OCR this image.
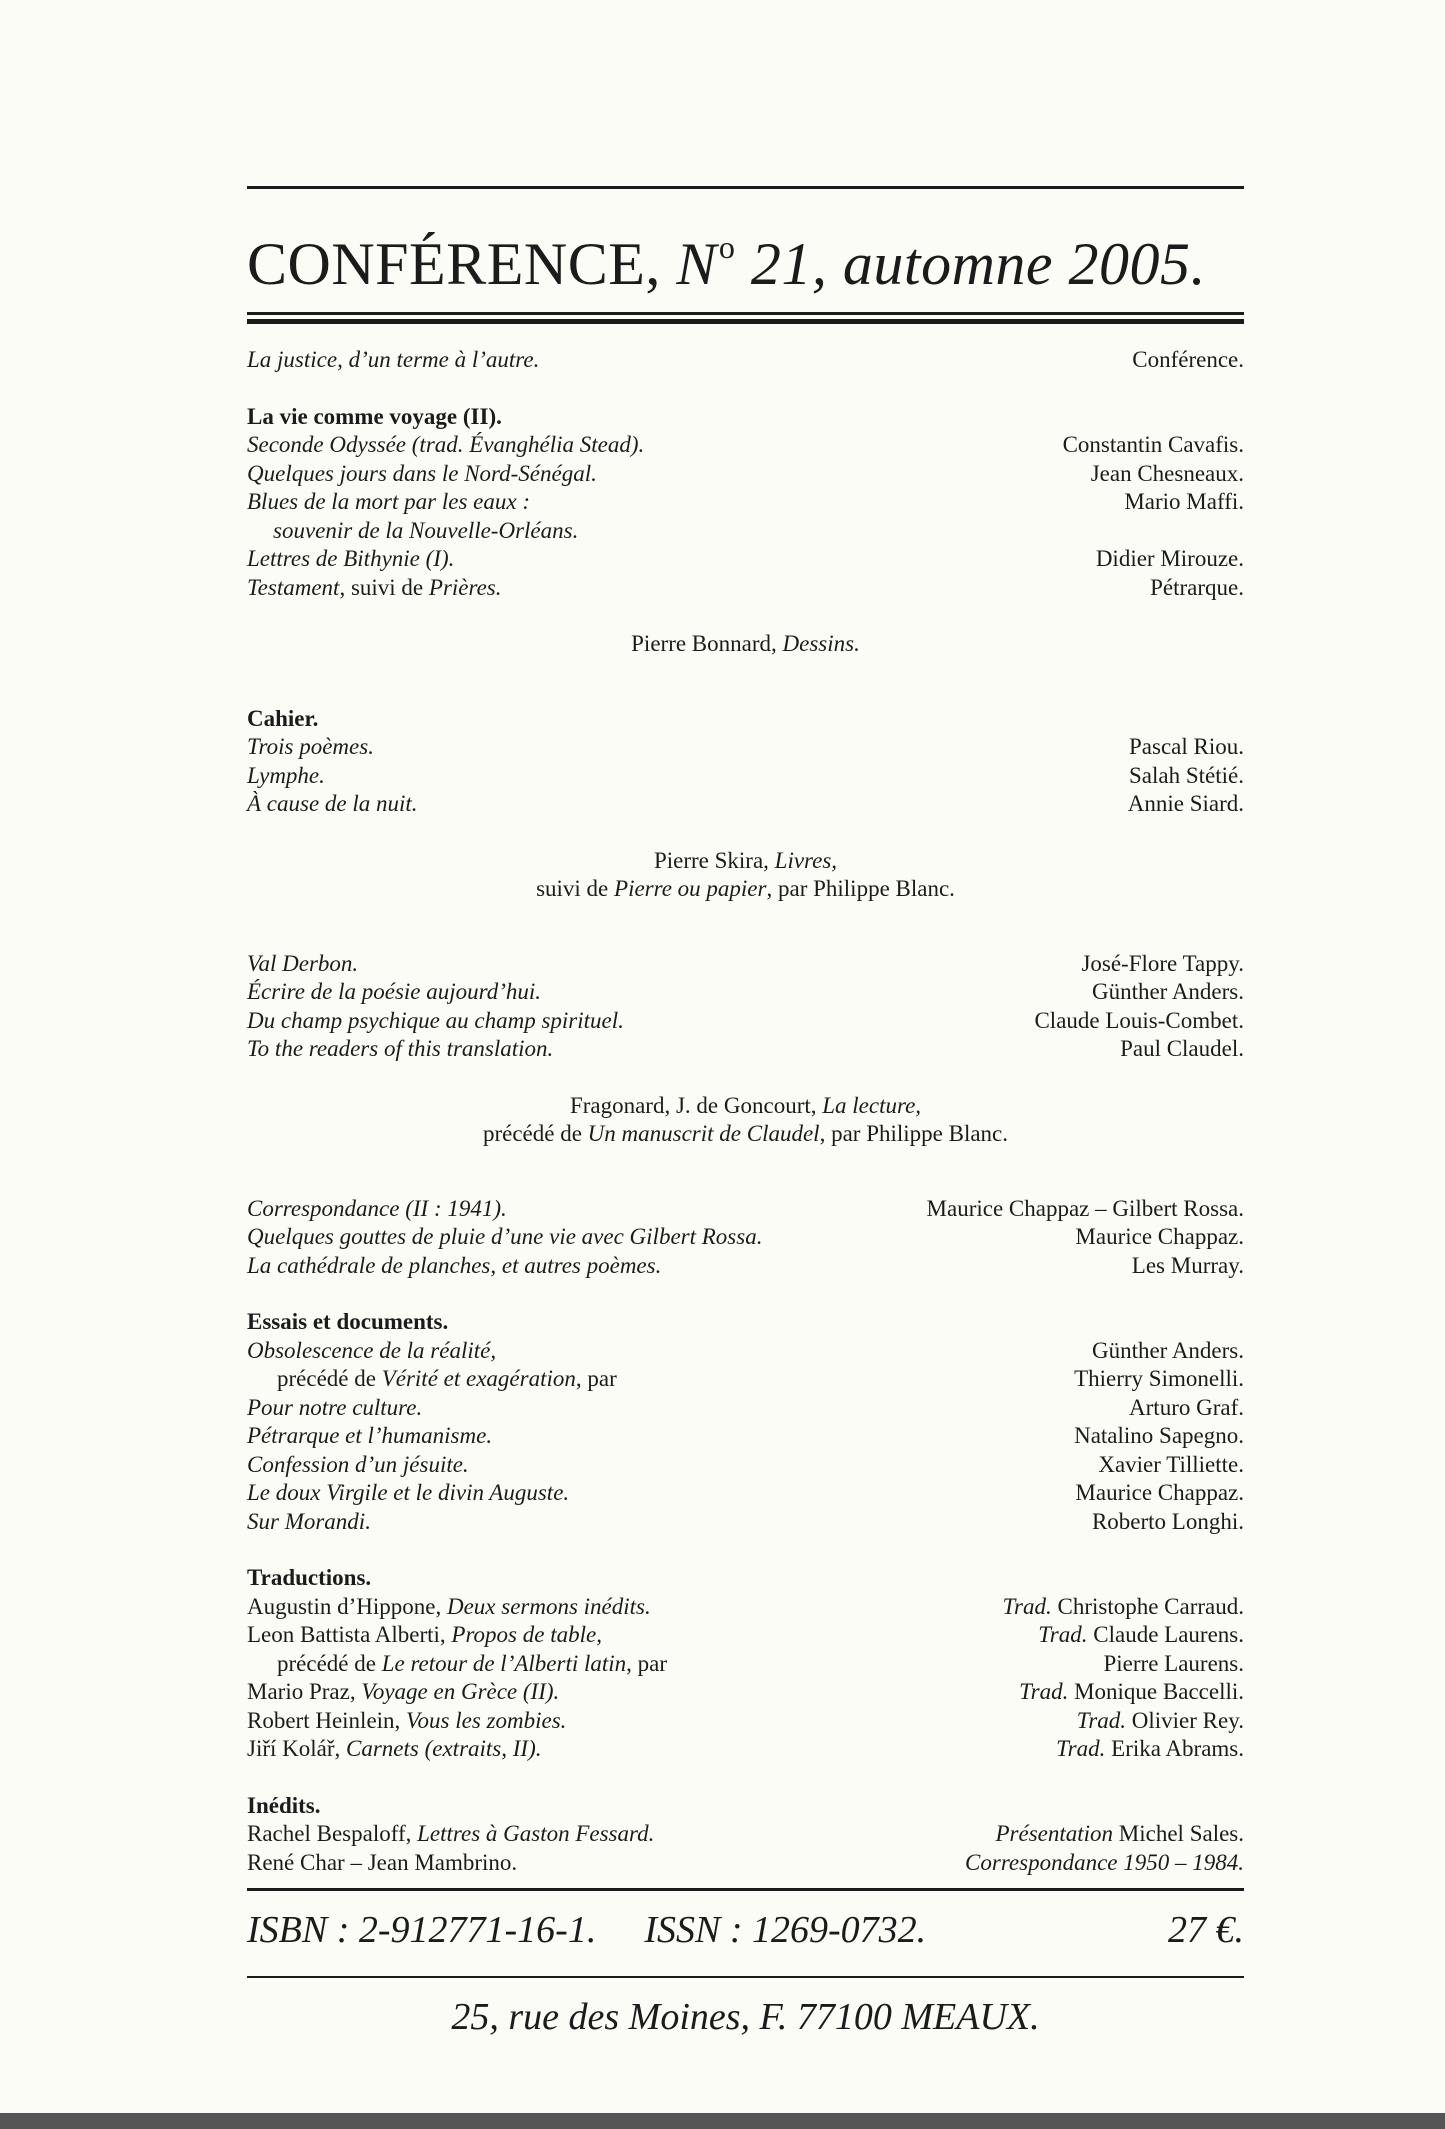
CONFÉRENCE, $N^o$ 21, automne 2005.
La justice, d’un terme à l’autre.	Conférence.
La vie comme voyage (II).
Seconde Odyssée (trad. Évanghélia Stead).	Constantin Cavafis.
Quelques jours dans le Nord-Sénégal.	Jean Chesneaux.
Blues de la mort par les eaux :	Mario Maffi.
souvenir de la Nouvelle-Orléans.
Lettres de Bithynie (I).	Didier Mirouze.
Testament, suivi de Prières.	Pétrarque.
Pierre Bonnard, Dessins.
Cahier.
Trois poèmes.	Pascal Riou.
Lymphe.	Salah Stétié.
À cause de la nuit.	Annie Siard.
Pierre Skira, Livres,
suivi de Pierre ou papier, par Philippe Blanc.
Val Derbon.	José-Flore Tappy.
Écrire de la poésie aujourd’hui.	Günther Anders.
Du champ psychique au champ spirituel.	Claude Louis-Combet.
To the readers of this translation.	Paul Claudel.
Fragonard, J. de Goncourt, La lecture,
précédé de Un manuscrit de Claudel, par Philippe Blanc.
Correspondance (II : 1941).	Maurice Chappaz – Gilbert Rossa.
Quelques gouttes de pluie d’une vie avec Gilbert Rossa.	Maurice Chappaz.
La cathédrale de planches, et autres poèmes.	Les Murray.
Essais et documents.
Obsolescence de la réalité,	Günther Anders.
précédé de Vérité et exagération, par	Thierry Simonelli.
Pour notre culture.	Arturo Graf.
Pétrarque et l’humanisme.	Natalino Sapegno.
Confession d’un jésuite.	Xavier Tilliette.
Le doux Virgile et le divin Auguste.	Maurice Chappaz.
Sur Morandi.	Roberto Longhi.
Traductions.
Augustin d’Hippone, Deux sermons inédits.	Trad. Christophe Carraud.
Leon Battista Alberti, Propos de table,	Trad. Claude Laurens.
précédé de Le retour de l’Alberti latin, par	Pierre Laurens.
Mario Praz, Voyage en Grèce (II).	Trad. Monique Baccelli.
Robert Heinlein, Vous les zombies.	Trad. Olivier Rey.
Jiří Kolář, Carnets (extraits, II).	Trad. Erika Abrams.
Inédits.
Rachel Bespaloff, Lettres à Gaston Fessard.	Présentation Michel Sales.
René Char – Jean Mambrino.	Correspondance 1950 – 1984.
ISBN : 2-912771-16-1. ISSN : 1269-0732.	27 €.
25, rue des Moines, F. 77100 MEAUX.
